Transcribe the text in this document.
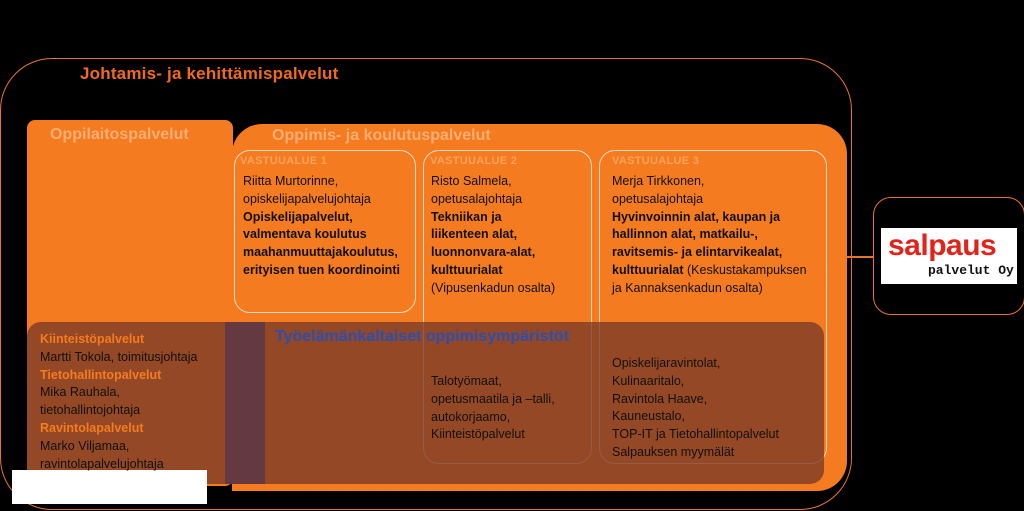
Johtamis- ja kehittämispalvelut
Oppilaitospalvelut	Oppimis- ja koulutuspalvelut
VASTUUALUE 1	VASTUUALUE 2	VASTUUALUE 3
Riitta Murtorinne,
opiskelijapalvelujohtaja
Opiskelijapalvelut,
valmentava koulutus
maahanmuuttajakoulutus,
erityisen tuen koordinointi
Risto Salmela,
opetusalajohtaja
Tekniikan ja
liikenteen alat,
luonnonvara-alat,
kulttuurialat
(Vipusenkadun osalta)
Merja Tirkkonen,
opetusalajohtaja
Hyvinvoinnin alat, kaupan ja
hallinnon alat, matkailu-,
ravitsemis- ja elintarvikealat,
kulttuurialat (Keskustakampuksen
ja Kannaksenkadun osalta)
Työelämänkaltaiset oppimisympäristöt
Talotyömaat,
opetusmaatila ja –talli,
autokorjaamo,
Kiinteistöpalvelut
Opiskelijaravintolat,
Kulinaaritalo,
Ravintola Haave,
Kauneustalo,
TOP-IT ja Tietohallintopalvelut
Salpauksen myymälät
Kiinteistöpalvelut
Martti Tokola, toimitusjohtaja
Tietohallintopalvelut
Mika Rauhala,
tietohallintojohtaja
Ravintolapalvelut
Marko Viljamaa,
ravintolapalvelujohtaja
salpaus
palvelut Oy
